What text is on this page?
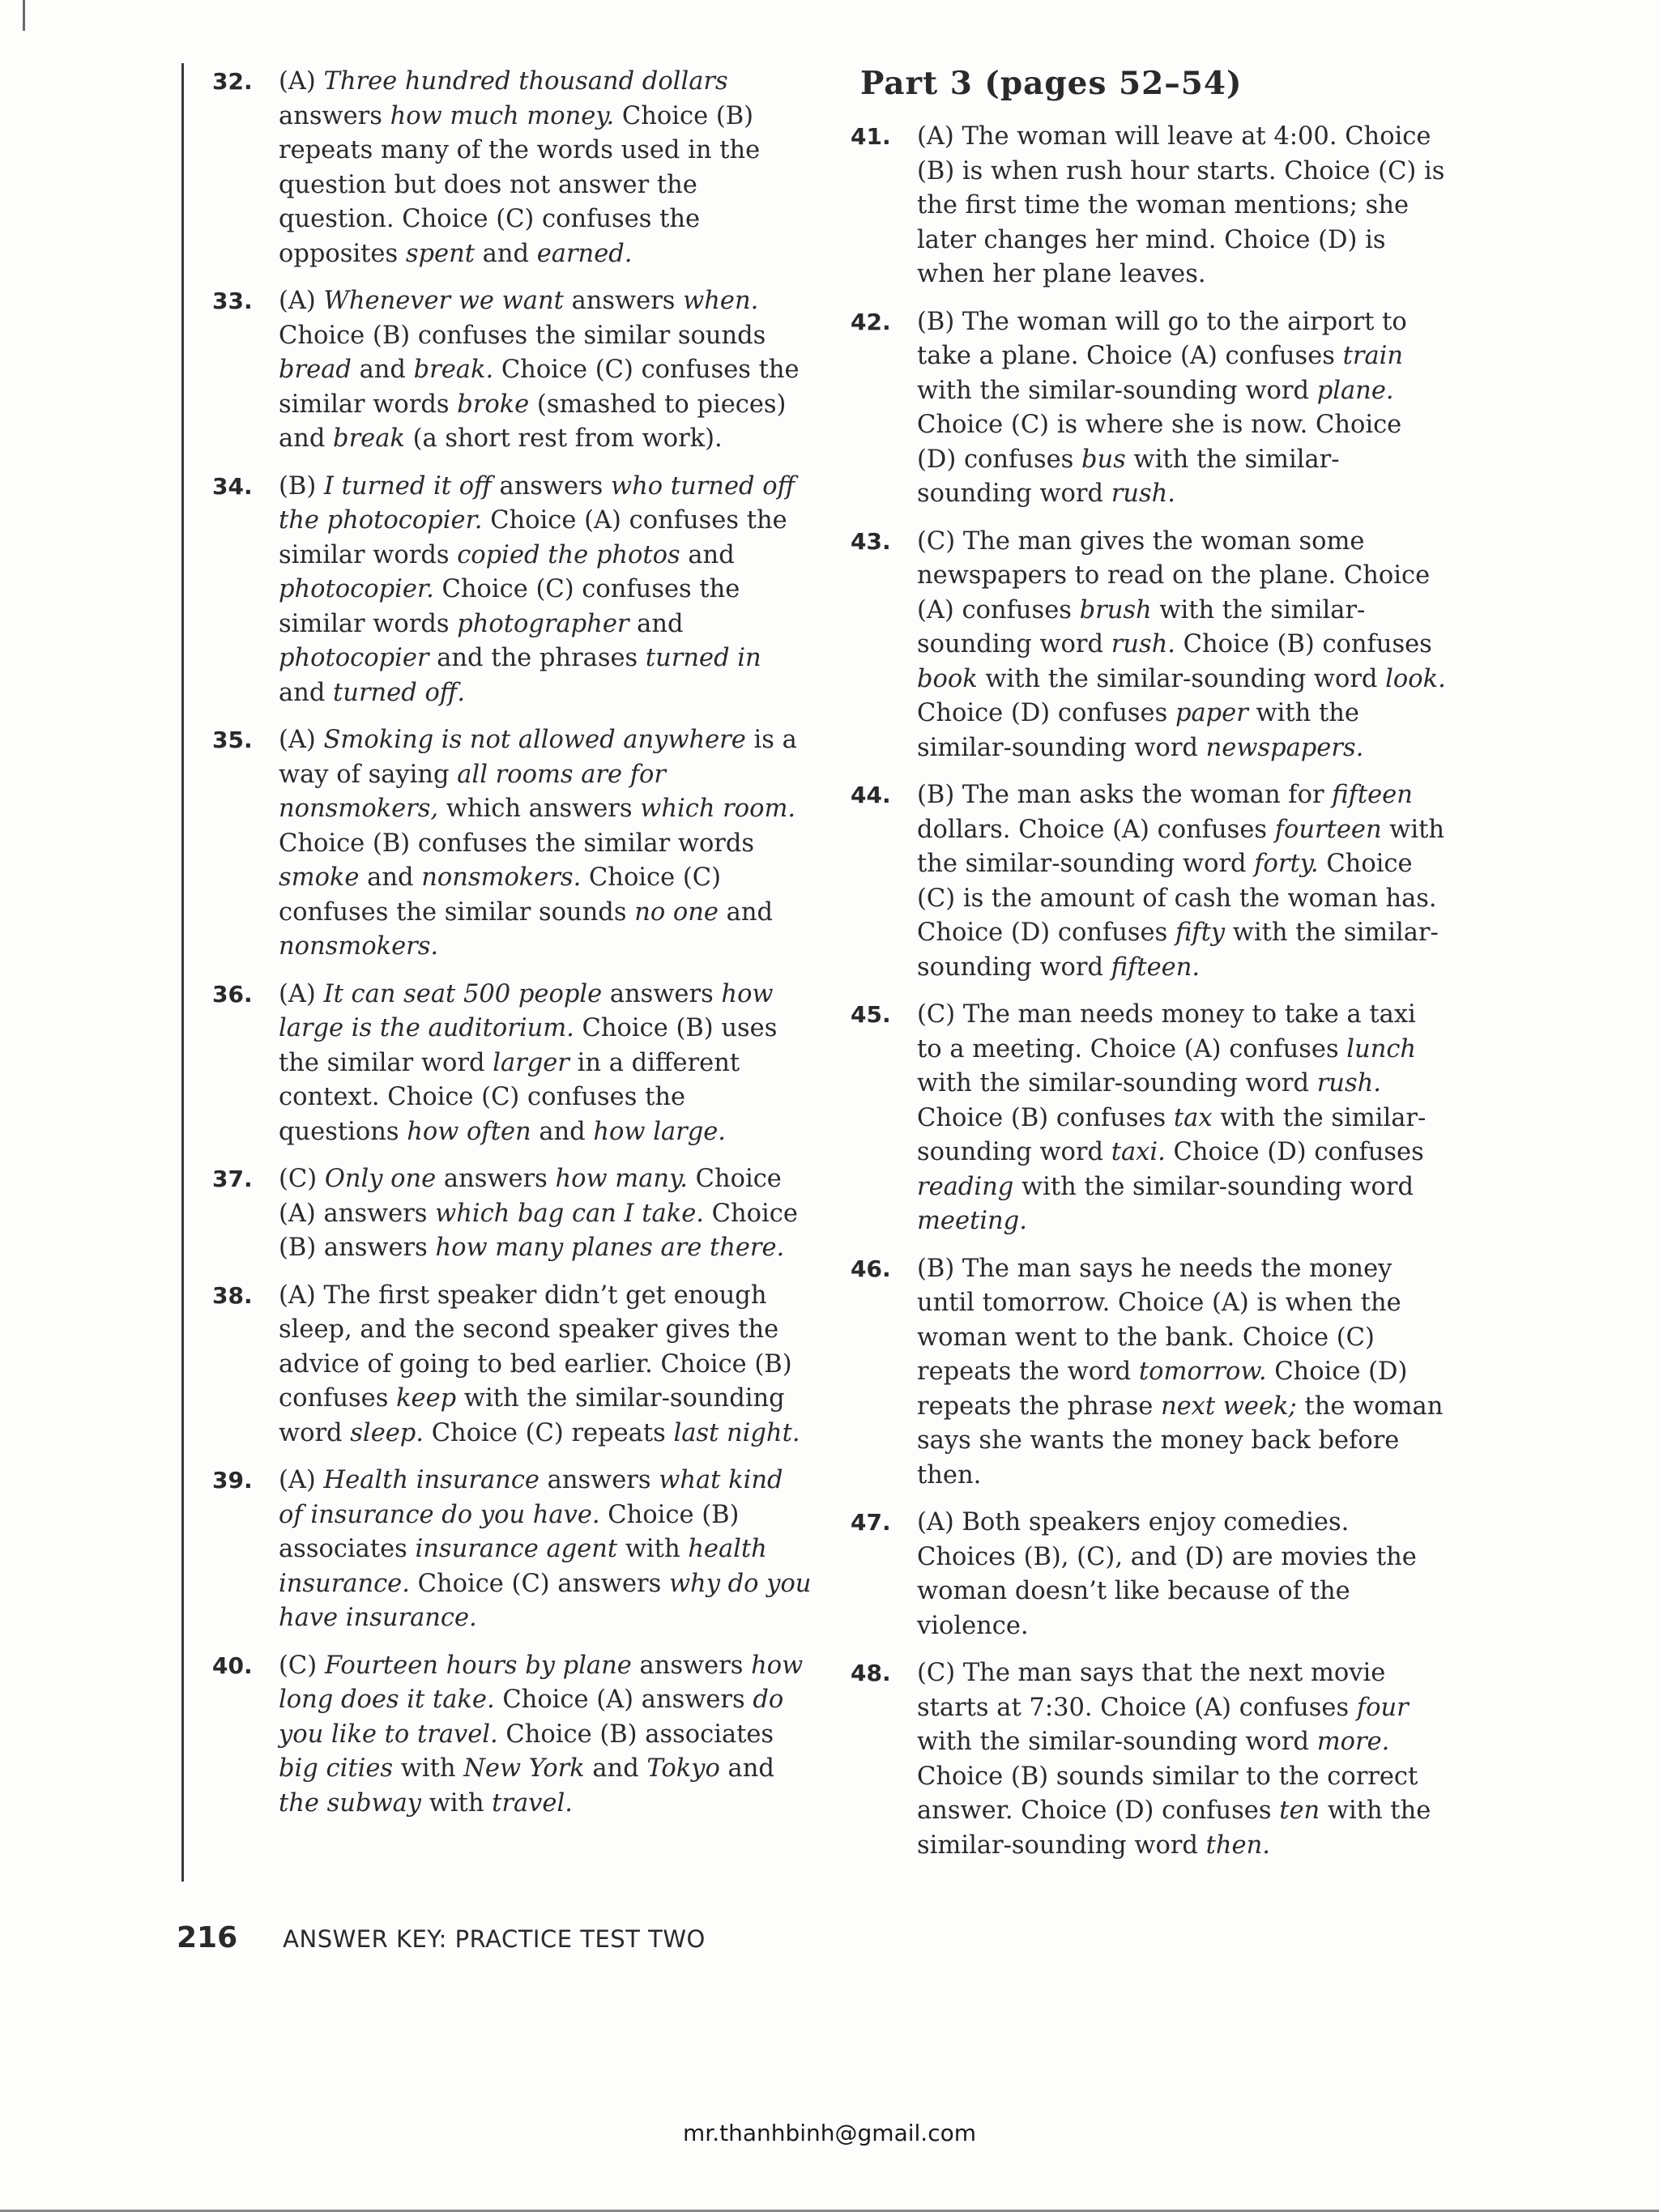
32. (A) Three hundred thousand dollars answers how much money. Choice (B) repeats many of the words used in the question but does not answer the question. Choice (C) confuses the opposites spent and earned.
33. (A) Whenever we want answers when. Choice (B) confuses the similar sounds bread and break. Choice (C) confuses the similar words broke (smashed to pieces) and break (a short rest from work).
34. (B) I turned it off answers who turned off the photocopier. Choice (A) confuses the similar words copied the photos and photocopier. Choice (C) confuses the similar words photographer and photocopier and the phrases turned in and turned off.
35. (A) Smoking is not allowed anywhere is a way of saying all rooms are for nonsmokers, which answers which room. Choice (B) confuses the similar words smoke and nonsmokers. Choice (C) confuses the similar sounds no one and nonsmokers.
36. (A) It can seat 500 people answers how large is the auditorium. Choice (B) uses the similar word larger in a different context. Choice (C) confuses the questions how often and how large.
37. (C) Only one answers how many. Choice (A) answers which bag can I take. Choice (B) answers how many planes are there.
38. (A) The first speaker didn’t get enough sleep, and the second speaker gives the advice of going to bed earlier. Choice (B) confuses keep with the similar-sounding word sleep. Choice (C) repeats last night.
39. (A) Health insurance answers what kind of insurance do you have. Choice (B) associates insurance agent with health insurance. Choice (C) answers why do you have insurance.
40. (C) Fourteen hours by plane answers how long does it take. Choice (A) answers do you like to travel. Choice (B) associates big cities with New York and Tokyo and the subway with travel.
Part 3 (pages 52–54)
41. (A) The woman will leave at 4:00. Choice (B) is when rush hour starts. Choice (C) is the first time the woman mentions; she later changes her mind. Choice (D) is when her plane leaves.
42. (B) The woman will go to the airport to take a plane. Choice (A) confuses train with the similar-sounding word plane. Choice (C) is where she is now. Choice (D) confuses bus with the similar-sounding word rush.
43. (C) The man gives the woman some newspapers to read on the plane. Choice (A) confuses brush with the similar-sounding word rush. Choice (B) confuses book with the similar-sounding word look. Choice (D) confuses paper with the similar-sounding word newspapers.
44. (B) The man asks the woman for fifteen dollars. Choice (A) confuses fourteen with the similar-sounding word forty. Choice (C) is the amount of cash the woman has. Choice (D) confuses fifty with the similar-sounding word fifteen.
45. (C) The man needs money to take a taxi to a meeting. Choice (A) confuses lunch with the similar-sounding word rush. Choice (B) confuses tax with the similar-sounding word taxi. Choice (D) confuses reading with the similar-sounding word meeting.
46. (B) The man says he needs the money until tomorrow. Choice (A) is when the woman went to the bank. Choice (C) repeats the word tomorrow. Choice (D) repeats the phrase next week; the woman says she wants the money back before then.
47. (A) Both speakers enjoy comedies. Choices (B), (C), and (D) are movies the woman doesn’t like because of the violence.
48. (C) The man says that the next movie starts at 7:30. Choice (A) confuses four with the similar-sounding word more. Choice (B) sounds similar to the correct answer. Choice (D) confuses ten with the similar-sounding word then.
216 ANSWER KEY: PRACTICE TEST TWO
mr.thanhbinh@gmail.com
